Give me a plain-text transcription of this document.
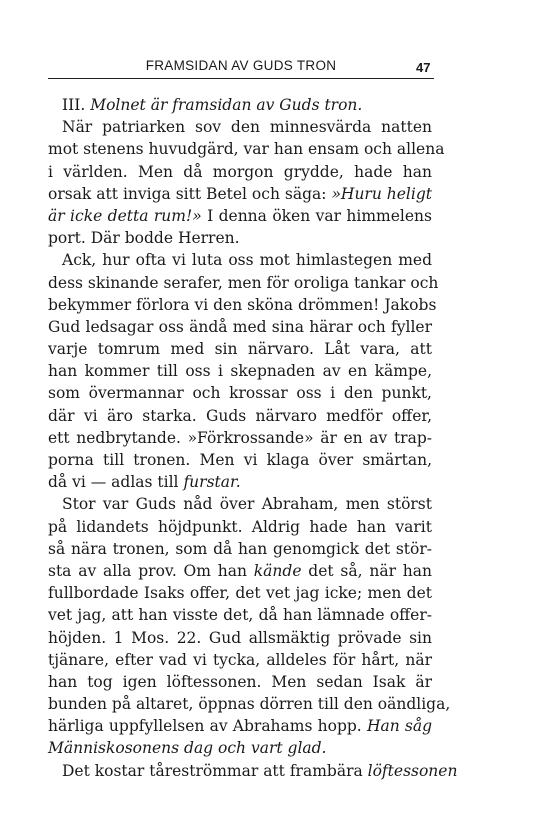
FRAMSIDAN AV GUDS TRON	47
III. Molnet är framsidan av Guds tron.
När patriarken sov den minnesvärda natten
mot stenens huvudgärd, var han ensam och allena
i världen. Men då morgon grydde, hade han
orsak att inviga sitt Betel och säga: »Huru heligt
är icke detta rum!» I denna öken var himmelens
port. Där bodde Herren.
Ack, hur ofta vi luta oss mot himlastegen med
dess skinande serafer, men för oroliga tankar och
bekymmer förlora vi den sköna drömmen! Jakobs
Gud ledsagar oss ändå med sina härar och fyller
varje tomrum med sin närvaro. Låt vara, att
han kommer till oss i skepnaden av en kämpe,
som övermannar och krossar oss i den punkt,
där vi äro starka. Guds närvaro medför offer,
ett nedbrytande. »Förkrossande» är en av trap-
porna till tronen. Men vi klaga över smärtan,
då vi — adlas till furstar.
Stor var Guds nåd över Abraham, men störst
på lidandets höjdpunkt. Aldrig hade han varit
så nära tronen, som då han genomgick det stör-
sta av alla prov. Om han kände det så, när han
fullbordade Isaks offer, det vet jag icke; men det
vet jag, att han visste det, då han lämnade offer-
höjden. 1 Mos. 22. Gud allsmäktig prövade sin
tjänare, efter vad vi tycka, alldeles för hårt, när
han tog igen löftessonen. Men sedan Isak är
bunden på altaret, öppnas dörren till den oändliga,
härliga uppfyllelsen av Abrahams hopp. Han såg
Människosonens dag och vart glad.
Det kostar tåreströmmar att frambära löftessonen
